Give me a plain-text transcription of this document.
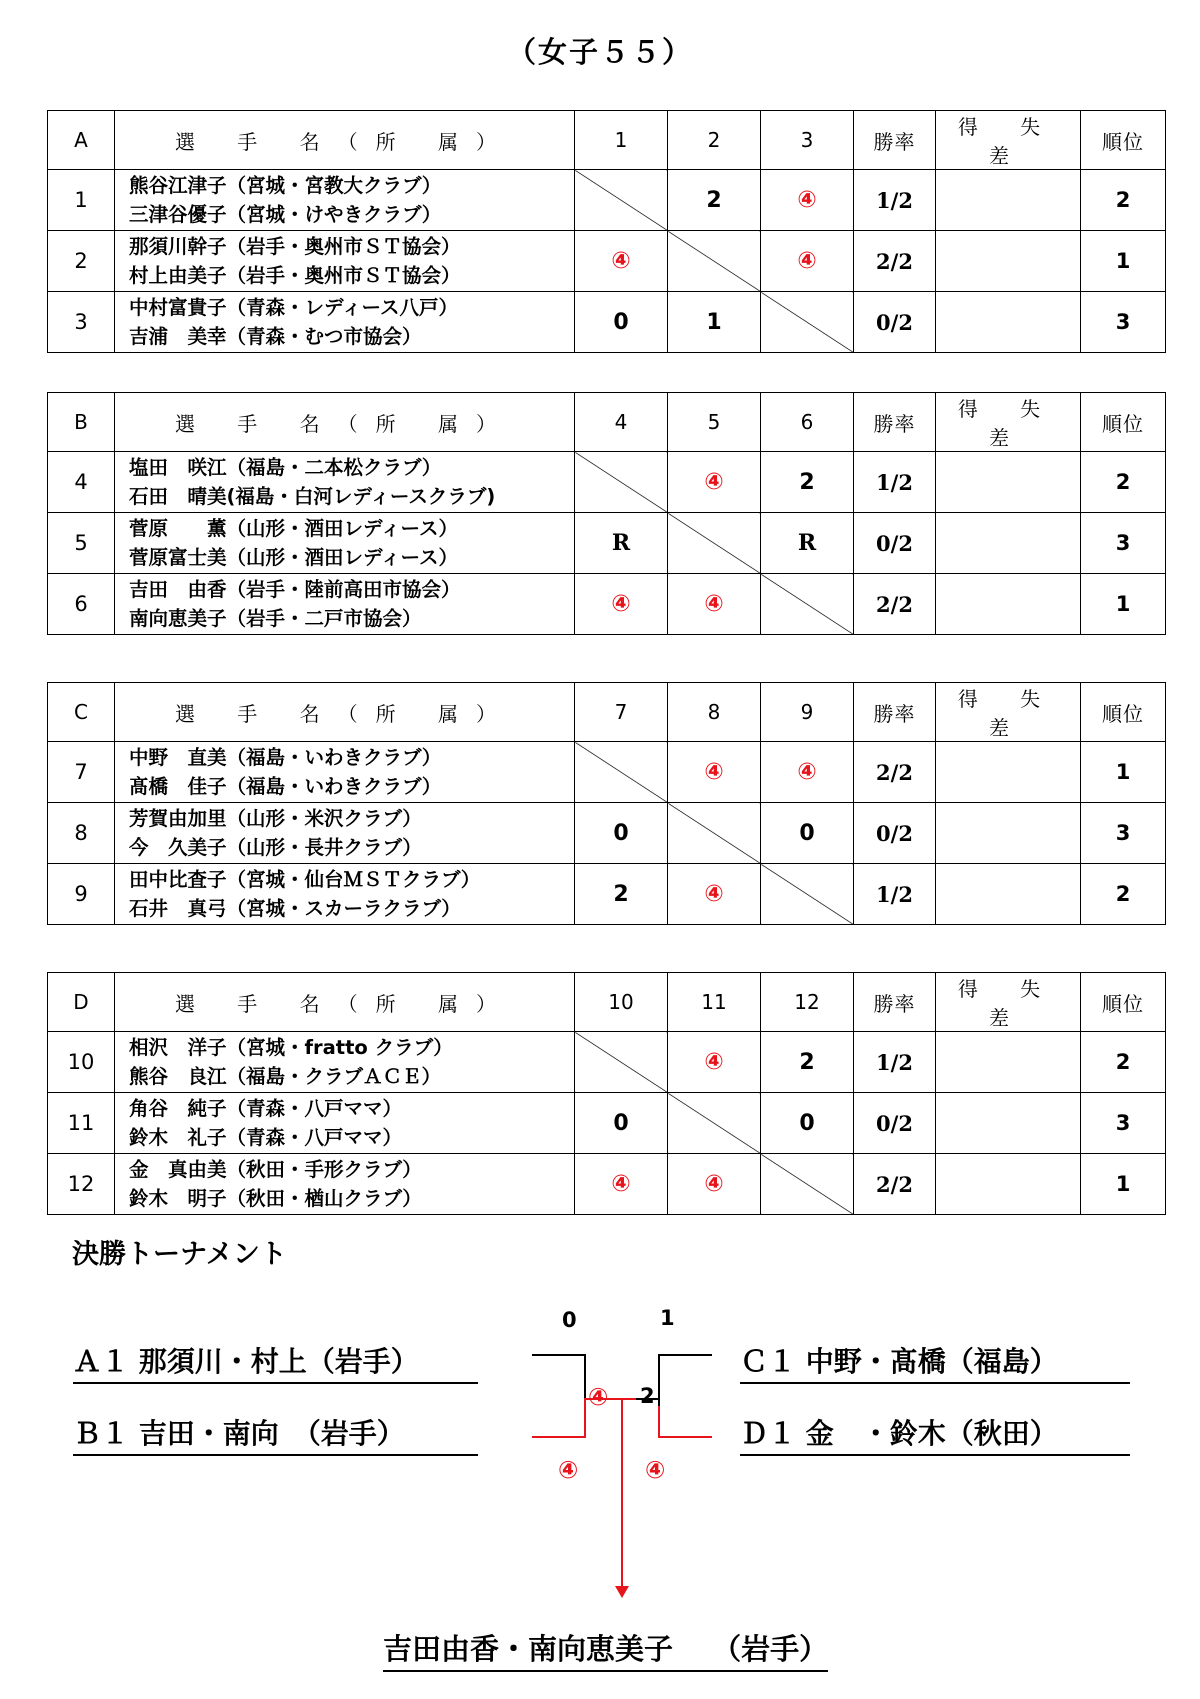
（女子５５）
A	選 手 名（所 属）	1	2	3	勝率	得 失 差	順位
1	熊谷江津子（宮城・宮教大クラブ）
三津谷優子（宮城・けやきクラブ）		2	④	1/2		2
2	那須川幹子（岩手・奥州市ＳＴ協会）
村上由美子（岩手・奥州市ＳＴ協会）	④		④	2/2		1
3	中村富貴子（青森・レディース八戸）
吉浦　美幸（青森・むつ市協会）	0	1		0/2		3
B	選 手 名（所 属）	4	5	6	勝率	得 失 差	順位
4	塩田　咲江（福島・二本松クラブ）
石田　晴美(福島・白河レディースクラブ)		④	2	1/2		2
5	菅原　　薫（山形・酒田レディース）
菅原富士美（山形・酒田レディース）	R		R	0/2		3
6	吉田　由香（岩手・陸前高田市協会）
南向恵美子（岩手・二戸市協会）	④	④		2/2		1
C	選 手 名（所 属）	7	8	9	勝率	得 失 差	順位
7	中野　直美（福島・いわきクラブ）
髙橋　佳子（福島・いわきクラブ）		④	④	2/2		1
8	芳賀由加里（山形・米沢クラブ）
今　久美子（山形・長井クラブ）	0		0	0/2		3
9	田中比査子（宮城・仙台ＭＳＴクラブ）
石井　真弓（宮城・スカーラクラブ）	2	④		1/2		2
D	選 手 名（所 属）	10	11	12	勝率	得 失 差	順位
10	相沢　洋子（宮城・fratto クラブ）
熊谷　良江（福島・クラブＡＣＥ）		④	2	1/2		2
11	角谷　純子（青森・八戸ママ）
鈴木　礼子（青森・八戸ママ）	0		0	0/2		3
12	金　真由美（秋田・手形クラブ）
鈴木　明子（秋田・楢山クラブ）	④	④		2/2		1
決勝トーナメント
Ａ１ 那須川・村上（岩手）
Ｂ１ 吉田・南向　（岩手）
Ｃ１ 中野・髙橋（福島）
Ｄ１ 金　・鈴木（秋田）
0	1
④ 2
④	④
吉田由香・南向恵美子　 （岩手）
